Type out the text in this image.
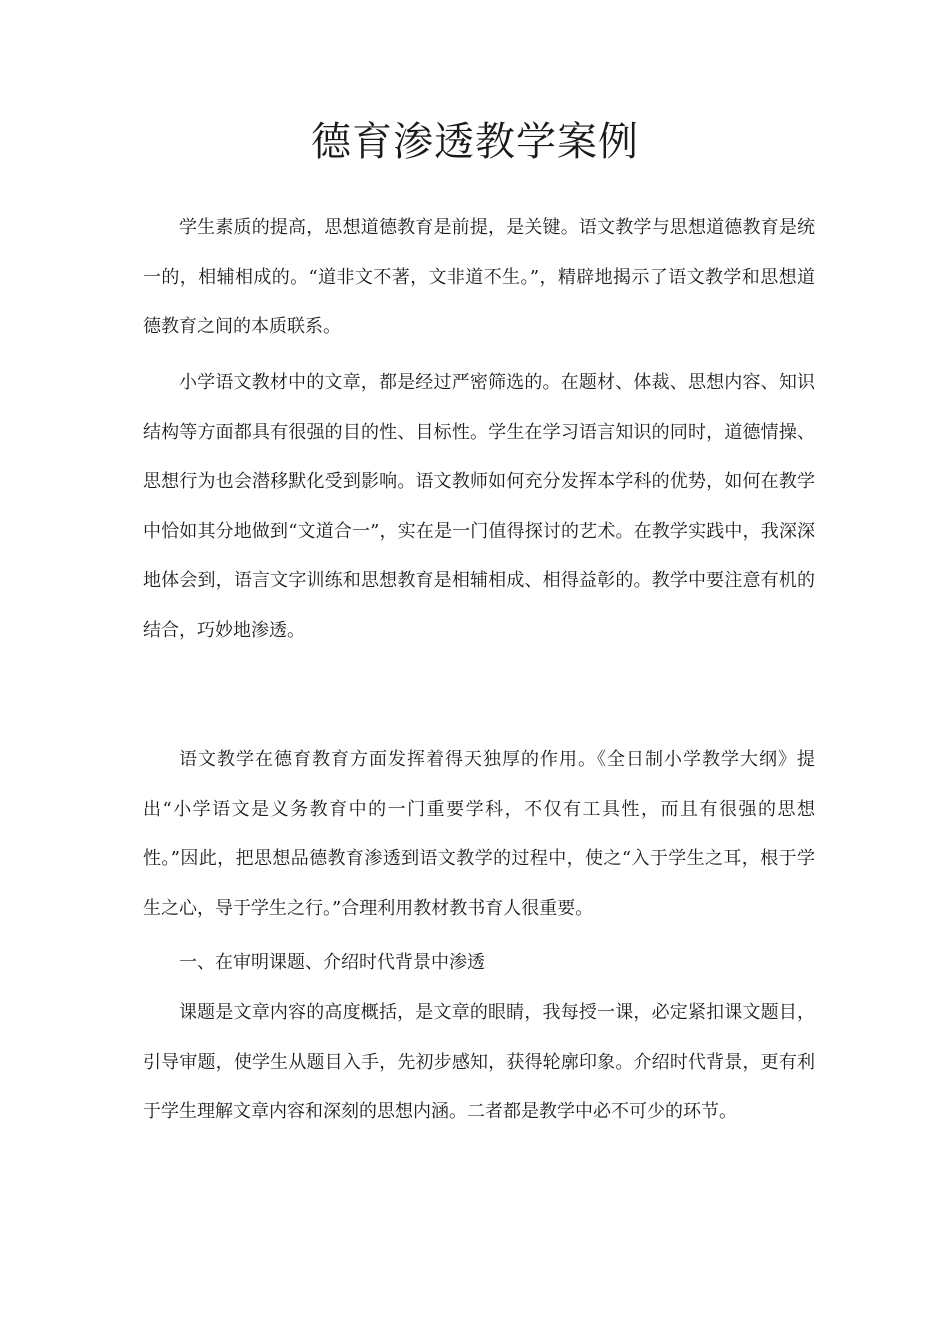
德育渗透教学案例

学生素质的提高，思想道德教育是前提，是关键。语文教学与思想道德教育是统一的，相辅相成的。“道非文不著，文非道不生。”，精辟地揭示了语文教学和思想道德教育之间的本质联系。

小学语文教材中的文章，都是经过严密筛选的。在题材、体裁、思想内容、知识结构等方面都具有很强的目的性、目标性。学生在学习语言知识的同时，道德情操、思想行为也会潜移默化受到影响。语文教师如何充分发挥本学科的优势，如何在教学中恰如其分地做到“文道合一”，实在是一门值得探讨的艺术。在教学实践中，我深深地体会到，语言文字训练和思想教育是相辅相成、相得益彰的。教学中要注意有机的结合，巧妙地渗透。

语文教学在德育教育方面发挥着得天独厚的作用。《全日制小学教学大纲》提出“小学语文是义务教育中的一门重要学科，不仅有工具性，而且有很强的思想性。”因此，把思想品德教育渗透到语文教学的过程中，使之“入于学生之耳，根于学生之心，导于学生之行。”合理利用教材教书育人很重要。

一、在审明课题、介绍时代背景中渗透

课题是文章内容的高度概括，是文章的眼睛，我每授一课，必定紧扣课文题目，引导审题，使学生从题目入手，先初步感知，获得轮廓印象。介绍时代背景，更有利于学生理解文章内容和深刻的思想内涵。二者都是教学中必不可少的环节。
